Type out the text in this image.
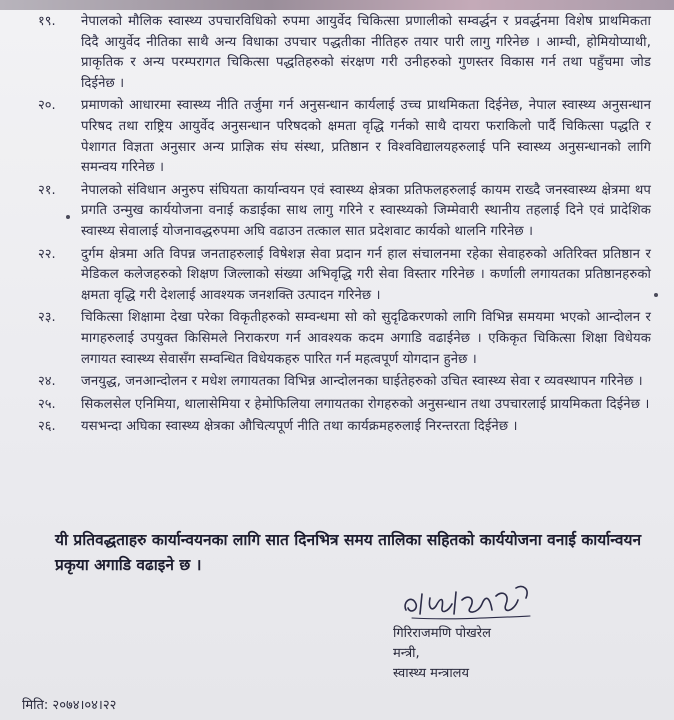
१९.	नेपालको मौलिक स्वास्थ्य उपचारविधिको रुपमा आयुर्वेद चिकित्सा प्रणालीको सम्वर्द्धन र प्रवर्द्धनमा विशेष प्राथमिकता दिदै आयुर्वेद नीतिका साथै अन्य विधाका उपचार पद्धतीका नीतिहरु तयार पारी लागु गरिनेछ । आम्ची, होमियोप्याथी, प्राकृतिक र अन्य परम्परागत चिकित्सा पद्धतिहरुको संरक्षण गरी उनीहरुको गुणस्तर विकास गर्न तथा पहुँचमा जोड दिईनेछ ।
२०.	प्रमाणको आधारमा स्वास्थ्य नीति तर्जुमा गर्न अनुसन्धान कार्यलाई उच्च प्राथमिकता दिईनेछ, नेपाल स्वास्थ्य अनुसन्धान परिषद तथा राष्ट्रिय आयुर्वेद अनुसन्धान परिषदको क्षमता वृद्धि गर्नको साथै दायरा फराकिलो पार्दै चिकित्सा पद्धति र पेशागत विज्ञता अनुसार अन्य प्राज्ञिक संघ संस्था, प्रतिष्ठान र विश्वविद्यालयहरुलाई पनि स्वास्थ्य अनुसन्धानको लागि समन्वय गरिनेछ ।
२१.	नेपालको संविधान अनुरुप संघियता कार्यान्वयन एवं स्वास्थ्य क्षेत्रका प्रतिफलहरुलाई कायम राख्दै जनस्वास्थ्य क्षेत्रमा थप प्रगति उन्मुख कार्ययोजना वनाई कडाईका साथ लागु गरिने र स्वास्थ्यको जिम्मेवारी स्थानीय तहलाई दिने एवं प्रादेशिक स्वास्थ्य सेवालाई योजनावद्धरुपमा अघि वढाउन तत्काल सात प्रदेशवाट कार्यको थालनि गरिनेछ ।
२२.	दुर्गम क्षेत्रमा अति विपन्न जनताहरुलाई विषेशज्ञ सेवा प्रदान गर्न हाल संचालनमा रहेका सेवाहरुको अतिरिक्त प्रतिष्ठान र मेडिकल कलेजहरुको शिक्षण जिल्लाको संख्या अभिवृद्धि गरी सेवा विस्तार गरिनेछ । कर्णाली लगायतका प्रतिष्ठानहरुको क्षमता वृद्धि गरी देशलाई आवश्यक जनशक्ति उत्पादन गरिनेछ ।
२३.	चिकित्सा शिक्षामा देखा परेका विकृतीहरुको सम्वन्धमा सो को सुदृढिकरणको लागि विभिन्न समयमा भएको आन्दोलन र मागहरुलाई उपयुक्त किसिमले निराकरण गर्न आवश्यक कदम अगाडि वढाईनेछ । एकिकृत चिकित्सा शिक्षा विधेयक लगायत स्वास्थ्य सेवासँग सम्वन्धित विधेयकहरु पारित गर्न महत्वपूर्ण योगदान हुनेछ ।
२४.	जनयुद्ध, जनआन्दोलन र मधेश लगायतका विभिन्न आन्दोलनका घाईतेहरुको उचित स्वास्थ्य सेवा र व्यवस्थापन गरिनेछ ।
२५.	सिकलसेल एनिमिया, थालासेमिया र हेमोफिलिया लगायतका रोगहरुको अनुसन्धान तथा उपचारलाई प्रायमिकता दिईनेछ ।
२६.	यसभन्दा अघिका स्वास्थ्य क्षेत्रका औचित्यपूर्ण नीति तथा कार्यक्रमहरुलाई निरन्तरता दिईनेछ ।
यी प्रतिवद्धताहरु कार्यान्वयनका लागि सात दिनभित्र समय तालिका सहितको कार्ययोजना वनाई कार्यान्वयन प्रकृया अगाडि वढाइने छ ।
गिरिराजमणि पोखरेल
मन्त्री,
स्वास्थ्य मन्त्रालय
मिति: २०७४।०४।२२
